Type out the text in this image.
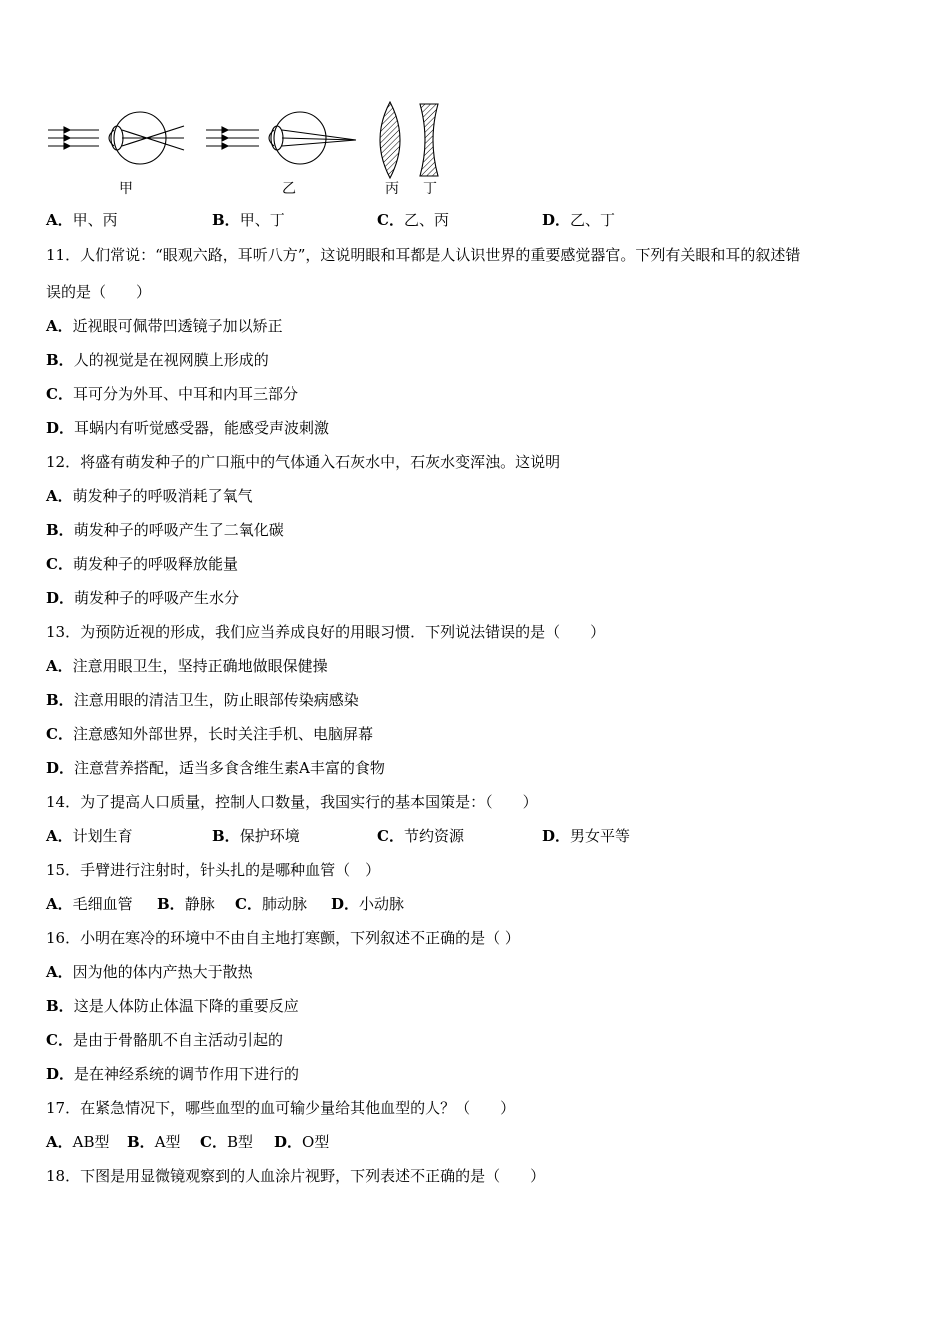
甲	乙	丙 丁
A．甲、丙	B．甲、丁	C．乙、丙	D．乙、丁
11．人们常说：“眼观六路，耳听八方”，这说明眼和耳都是人认识世界的重要感觉器官。下列有关眼和耳的叙述错
误的是（　　）
A．近视眼可佩带凹透镜子加以矫正
B．人的视觉是在视网膜上形成的
C．耳可分为外耳、中耳和内耳三部分
D．耳蜗内有听觉感受器，能感受声波刺激
12．将盛有萌发种子的广口瓶中的气体通入石灰水中，石灰水变浑浊。这说明
A．萌发种子的呼吸消耗了氧气
B．萌发种子的呼吸产生了二氧化碳
C．萌发种子的呼吸释放能量
D．萌发种子的呼吸产生水分
13．为预防近视的形成，我们应当养成良好的用眼习惯．下列说法错误的是（　　）
A．注意用眼卫生，坚持正确地做眼保健操
B．注意用眼的清洁卫生，防止眼部传染病感染
C．注意感知外部世界，长时关注手机、电脑屏幕
D．注意营养搭配，适当多食含维生素A丰富的食物
14．为了提高人口质量，控制人口数量，我国实行的基本国策是：（　　）
A．计划生育	B．保护环境	C．节约资源	D．男女平等
15．手臂进行注射时，针头扎的是哪种血管（　）
A．毛细血管 B．静脉 C．肺动脉 D．小动脉
16．小明在寒冷的环境中不由自主地打寒颤，下列叙述不正确的是（ ）
A．因为他的体内产热大于散热
B．这是人体防止体温下降的重要反应
C．是由于骨骼肌不自主活动引起的
D．是在神经系统的调节作用下进行的
17．在紧急情况下，哪些血型的血可输少量给其他血型的人？（　　）
A．AB型 B．A型 C．B型 D．O型
18．下图是用显微镜观察到的人血涂片视野，下列表述不正确的是（　　）
